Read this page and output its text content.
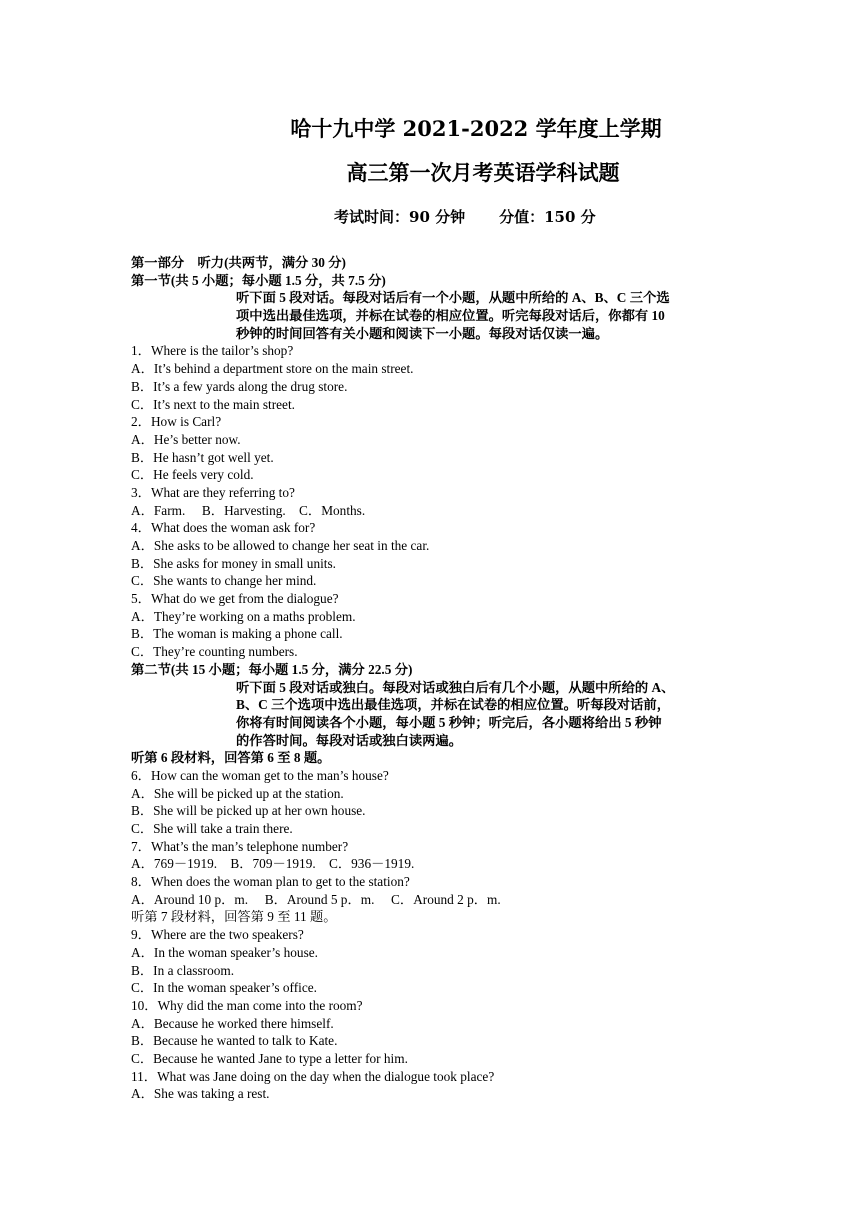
哈十九中学 2021-2022 学年度上学期
高三第一次月考英语学科试题
考试时间：90 分钟 分值：150 分
第一部分　听力(共两节，满分 30 分)
第一节(共 5 小题；每小题 1.5 分，共 7.5 分)
听下面 5 段对话。每段对话后有一个小题，从题中所给的 A、B、C 三个选
项中选出最佳选项，并标在试卷的相应位置。听完每段对话后，你都有 10
秒钟的时间回答有关小题和阅读下一小题。每段对话仅读一遍。
1．Where is the tailor’s shop?
A．It’s behind a department store on the main street.
B．It’s a few yards along the drug store.
C．It’s next to the main street.
2．How is Carl?
A．He’s better now.
B．He hasn’t got well yet.
C．He feels very cold.
3．What are they referring to?
A．Farm.　 B．Harvesting.　C．Months.
4．What does the woman ask for?
A．She asks to be allowed to change her seat in the car.
B．She asks for money in small units.
C．She wants to change her mind.
5．What do we get from the dialogue?
A．They’re working on a maths problem.
B．The woman is making a phone call.
C．They’re counting numbers.
第二节(共 15 小题；每小题 1.5 分，满分 22.5 分)
听下面 5 段对话或独白。每段对话或独白后有几个小题，从题中所给的 A、
B、C 三个选项中选出最佳选项，并标在试卷的相应位置。听每段对话前，
你将有时间阅读各个小题，每小题 5 秒钟；听完后，各小题将给出 5 秒钟
的作答时间。每段对话或独白读两遍。
听第 6 段材料，回答第 6 至 8 题。
6．How can the woman get to the man’s house?
A．She will be picked up at the station.
B．She will be picked up at her own house.
C．She will take a train there.
7．What’s the man’s telephone number?
A．769－1919.　B．709－1919.　C．936－1919.
8．When does the woman plan to get to the station?
A．Around 10 p．m.　 B．Around 5 p．m.　 C．Around 2 p．m.
听第 7 段材料，回答第 9 至 11 题。
9．Where are the two speakers?
A．In the woman speaker’s house.
B．In a classroom.
C．In the woman speaker’s office.
10．Why did the man come into the room?
A．Because he worked there himself.
B．Because he wanted to talk to Kate.
C．Because he wanted Jane to type a letter for him.
11．What was Jane doing on the day when the dialogue took place?
A．She was taking a rest.
